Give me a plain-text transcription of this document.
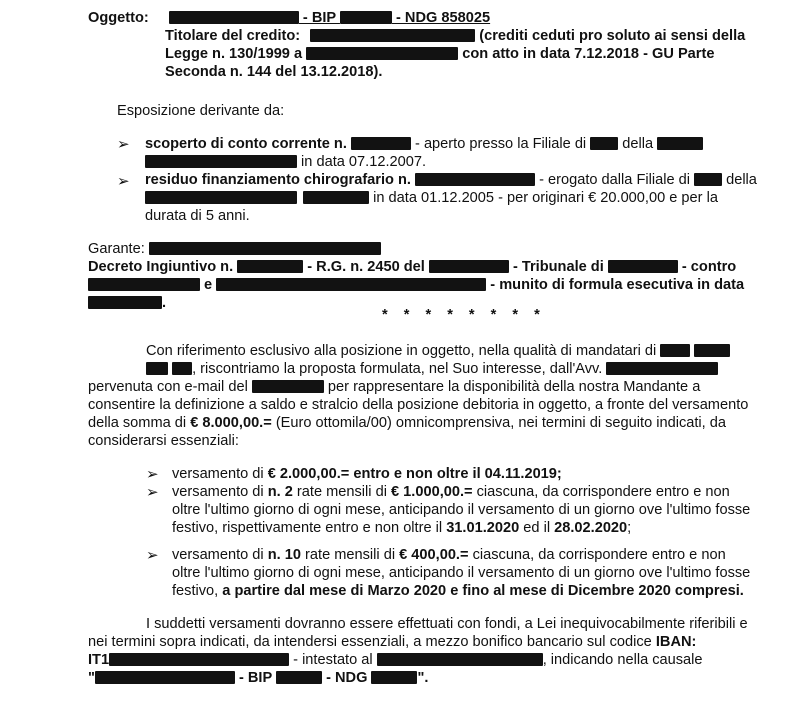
Oggetto:	- BIP	- NDG 858025
Titolare del credito:	(crediti ceduti pro soluto ai sensi della
Legge n. 130/1999 a	con atto in data 7.12.2018 - GU Parte
Seconda n. 144 del 13.12.2018).
Esposizione derivante da:
➢ scoperto di conto corrente n.	- aperto presso la Filiale di  della
in data 07.12.2007.
➢ residuo finanziamento chirografario n.	- erogato dalla Filiale di  della
in data 01.12.2005 - per originari € 20.000,00 e per la
durata di 5 anni.
Garante:
Decreto Ingiuntivo n.	- R.G. n. 2450 del	- Tribunale di	- contro
e	- munito di formula esecutiva in data
.
* * * * * * * *
Con riferimento esclusivo alla posizione in oggetto, nella qualità di mandatari di
, riscontriamo la proposta formulata, nel Suo interesse, dall'Avv.
pervenuta con e-mail del	per rappresentare la disponibilità della nostra Mandante a
consentire la definizione a saldo e stralcio della posizione debitoria in oggetto, a fronte del versamento
della somma di € 8.000,00.= (Euro ottomila/00) omnicomprensiva, nei termini di seguito indicati, da
considerarsi essenziali:
➢ versamento di € 2.000,00.= entro e non oltre il 04.11.2019;
➢ versamento di n. 2 rate mensili di € 1.000,00.= ciascuna, da corrispondere entro e non
oltre l'ultimo giorno di ogni mese, anticipando il versamento di un giorno ove l'ultimo fosse
festivo, rispettivamente entro e non oltre il 31.01.2020 ed il 28.02.2020;
➢ versamento di n. 10 rate mensili di € 400,00.= ciascuna, da corrispondere entro e non
oltre l'ultimo giorno di ogni mese, anticipando il versamento di un giorno ove l'ultimo fosse
festivo, a partire dal mese di Marzo 2020 e fino al mese di Dicembre 2020 compresi.
I suddetti versamenti dovranno essere effettuati con fondi, a Lei inequivocabilmente riferibili e
nei termini sopra indicati, da intendersi essenziali, a mezzo bonifico bancario sul codice IBAN:
IT1	- intestato al	, indicando nella causale
"	- BIP	- NDG	".
